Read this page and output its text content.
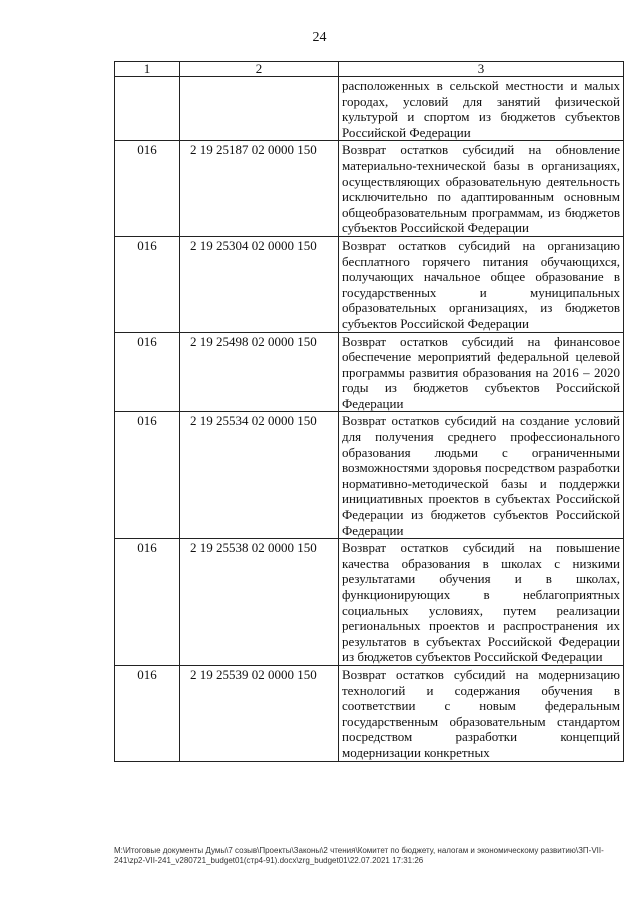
24
1	2	3
		расположенных в сельской местности и малых городах, условий для занятий физической культурой и спортом из бюджетов субъектов Российской Федерации
016	2 19 25187 02 0000 150	Возврат остатков субсидий на обновление материально-технической базы в организациях, осуществляющих образовательную деятельность исключительно по адаптированным основным общеобразовательным программам, из бюджетов субъектов Российской Федерации
016	2 19 25304 02 0000 150	Возврат остатков субсидий на организацию бесплатного горячего питания обучающихся, получающих начальное общее образование в государственных и муниципальных образовательных организациях, из бюджетов субъектов Российской Федерации
016	2 19 25498 02 0000 150	Возврат остатков субсидий на финансовое обеспечение мероприятий федеральной целевой программы развития образования на 2016 – 2020 годы из бюджетов субъектов Российской Федерации
016	2 19 25534 02 0000 150	Возврат остатков субсидий на создание условий для получения среднего профессионального образования людьми с ограниченными возможностями здоровья посредством разработки нормативно-методической базы и поддержки инициативных проектов в субъектах Российской Федерации из бюджетов субъектов Российской Федерации
016	2 19 25538 02 0000 150	Возврат остатков субсидий на повышение качества образования в школах с низкими результатами обучения и в школах, функционирующих в неблагоприятных социальных условиях, путем реализации региональных проектов и распространения их результатов в субъектах Российской Федерации из бюджетов субъектов Российской Федерации
016	2 19 25539 02 0000 150	Возврат остатков субсидий на модернизацию технологий и содержания обучения в соответствии с новым федеральным государственным образовательным стандартом посредством разработки концепций модернизации конкретных
M:\Итоговые документы Думы\7 созыв\Проекты\Законы\2 чтения\Комитет по бюджету, налогам и экономическому развитию\ЗП-VII-241\zp2-VII-241_v280721_budget01(стр4-91).docx\zrg_budget01\22.07.2021 17:31:26
